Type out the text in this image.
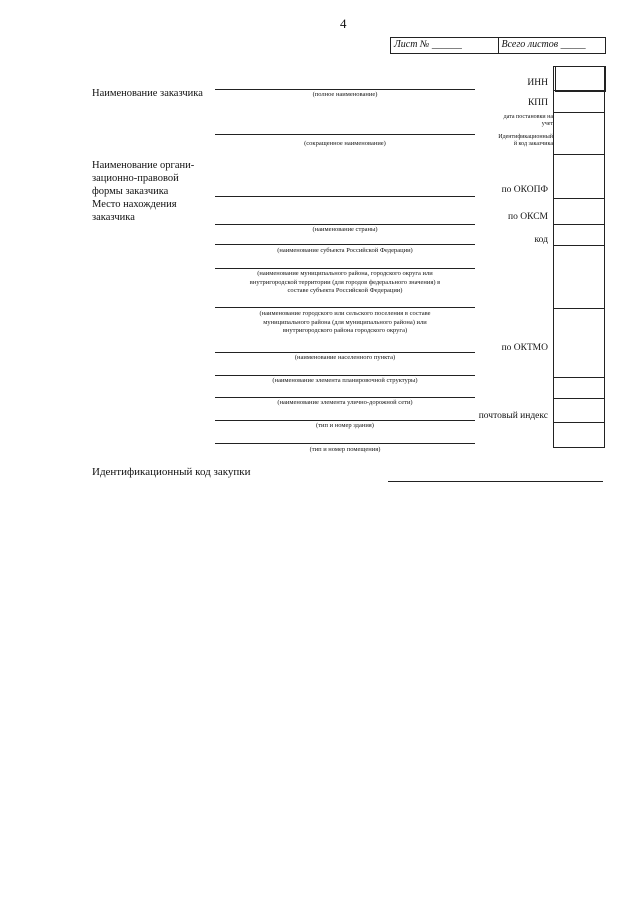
4
Лист № ______	Всего листов _____
Наименование заказчика
Наименование органи-
зационно-правовой
формы заказчика
Место нахождения
заказчика
(полное наименование)
(сокращенное наименование)
(наименование страны)
(наименование субъекта Российской Федерации)
(наименование муниципального района, городского округа или
внутригородской территории (для городов федерального значения) в
составе субъекта Российской Федерации)
(наименование городского или сельского поселения в составе
муниципального района (для муниципального района) или
внутригородского района городского округа)
(наименование населенного пункта)
(наименование элемента планировочной структуры)
(наименование элемента улично-дорожной сети)
(тип и номер здания)
(тип и номер помещения)
ИНН
КПП
дата постановки на
учет
Идентификационный
й код заказчика
по ОКОПФ
по ОКСМ
код
по ОКТМО
почтовый индекс
Идентификационный код закупки
